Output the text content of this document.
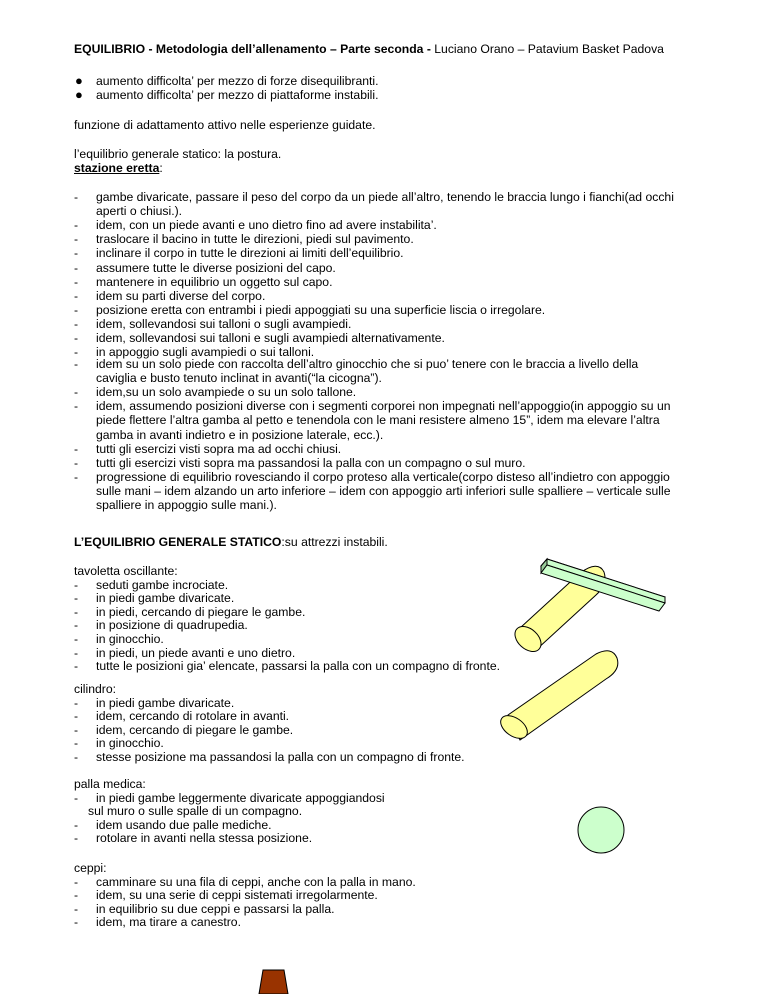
EQUILIBRIO - Metodologia dell’allenamento – Parte seconda - Luciano Orano – Patavium Basket Padova
● aumento difficolta’ per mezzo di forze disequilibranti.
● aumento difficolta’ per mezzo di piattaforme instabili.
funzione di adattamento attivo nelle esperienze guidate.
l’equilibrio generale statico: la postura.
stazione eretta:
-	gambe divaricate, passare il peso del corpo da un piede all’altro, tenendo le braccia lungo i fianchi(ad occhi
aperti o chiusi.).
-	idem, con un piede avanti e uno dietro fino ad avere instabilita’.
-	traslocare il bacino in tutte le direzioni, piedi sul pavimento.
-	inclinare il corpo in tutte le direzioni ai limiti dell’equilibrio.
-	assumere tutte le diverse posizioni del capo.
-	mantenere in equilibrio un oggetto sul capo.
-	idem su parti diverse del corpo.
-	posizione eretta con entrambi i piedi appoggiati su una superficie liscia o irregolare.
-	idem, sollevandosi sui talloni o sugli avampiedi.
-	idem, sollevandosi sui talloni e sugli avampiedi alternativamente.
-	in appoggio sugli avampiedi o sui talloni.
-	idem su un solo piede con raccolta dell’altro ginocchio che si puo’ tenere con le braccia a livello della
caviglia e busto tenuto inclinat in avanti(“la cicogna”).
-	idem,su un solo avampiede o su un solo tallone.
-	idem, assumendo posizioni diverse con i segmenti corporei non impegnati nell’appoggio(in appoggio su un
piede flettere l’altra gamba al petto e tenendola con le mani resistere almeno 15”, idem ma elevare l’altra
gamba in avanti indietro e in posizione laterale, ecc.).
-	tutti gli esercizi visti sopra ma ad occhi chiusi.
-	tutti gli esercizi visti sopra ma passandosi la palla con un compagno o sul muro.
-	progressione di equilibrio rovesciando il corpo proteso alla verticale(corpo disteso all’indietro con appoggio
sulle mani – idem alzando un arto inferiore – idem con appoggio arti inferiori sulle spalliere – verticale sulle
spalliere in appoggio sulle mani.).
L’EQUILIBRIO GENERALE STATICO:su attrezzi instabili.
tavoletta oscillante:
-	seduti gambe incrociate.
-	in piedi gambe divaricate.
-	in piedi, cercando di piegare le gambe.
-	in posizione di quadrupedia.
-	in ginocchio.
-	in piedi, un piede avanti e uno dietro.
-	tutte le posizioni gia’ elencate, passarsi la palla con un compagno di fronte.
cilindro:
-	in piedi gambe divaricate.
-	idem, cercando di rotolare in avanti.
-	idem, cercando di piegare le gambe.
-	in ginocchio.
-	stesse posizione ma passandosi la palla con un compagno di fronte.
palla medica:
-	in piedi gambe leggermente divaricate appoggiandosi
sul muro o sulle spalle di un compagno.
-	idem usando due palle mediche.
-	rotolare in avanti nella stessa posizione.
ceppi:
-	camminare su una fila di ceppi, anche con la palla in mano.
-	idem, su una serie di ceppi sistemati irregolarmente.
-	in equilibrio su due ceppi e passarsi la palla.
-	idem, ma tirare a canestro.
